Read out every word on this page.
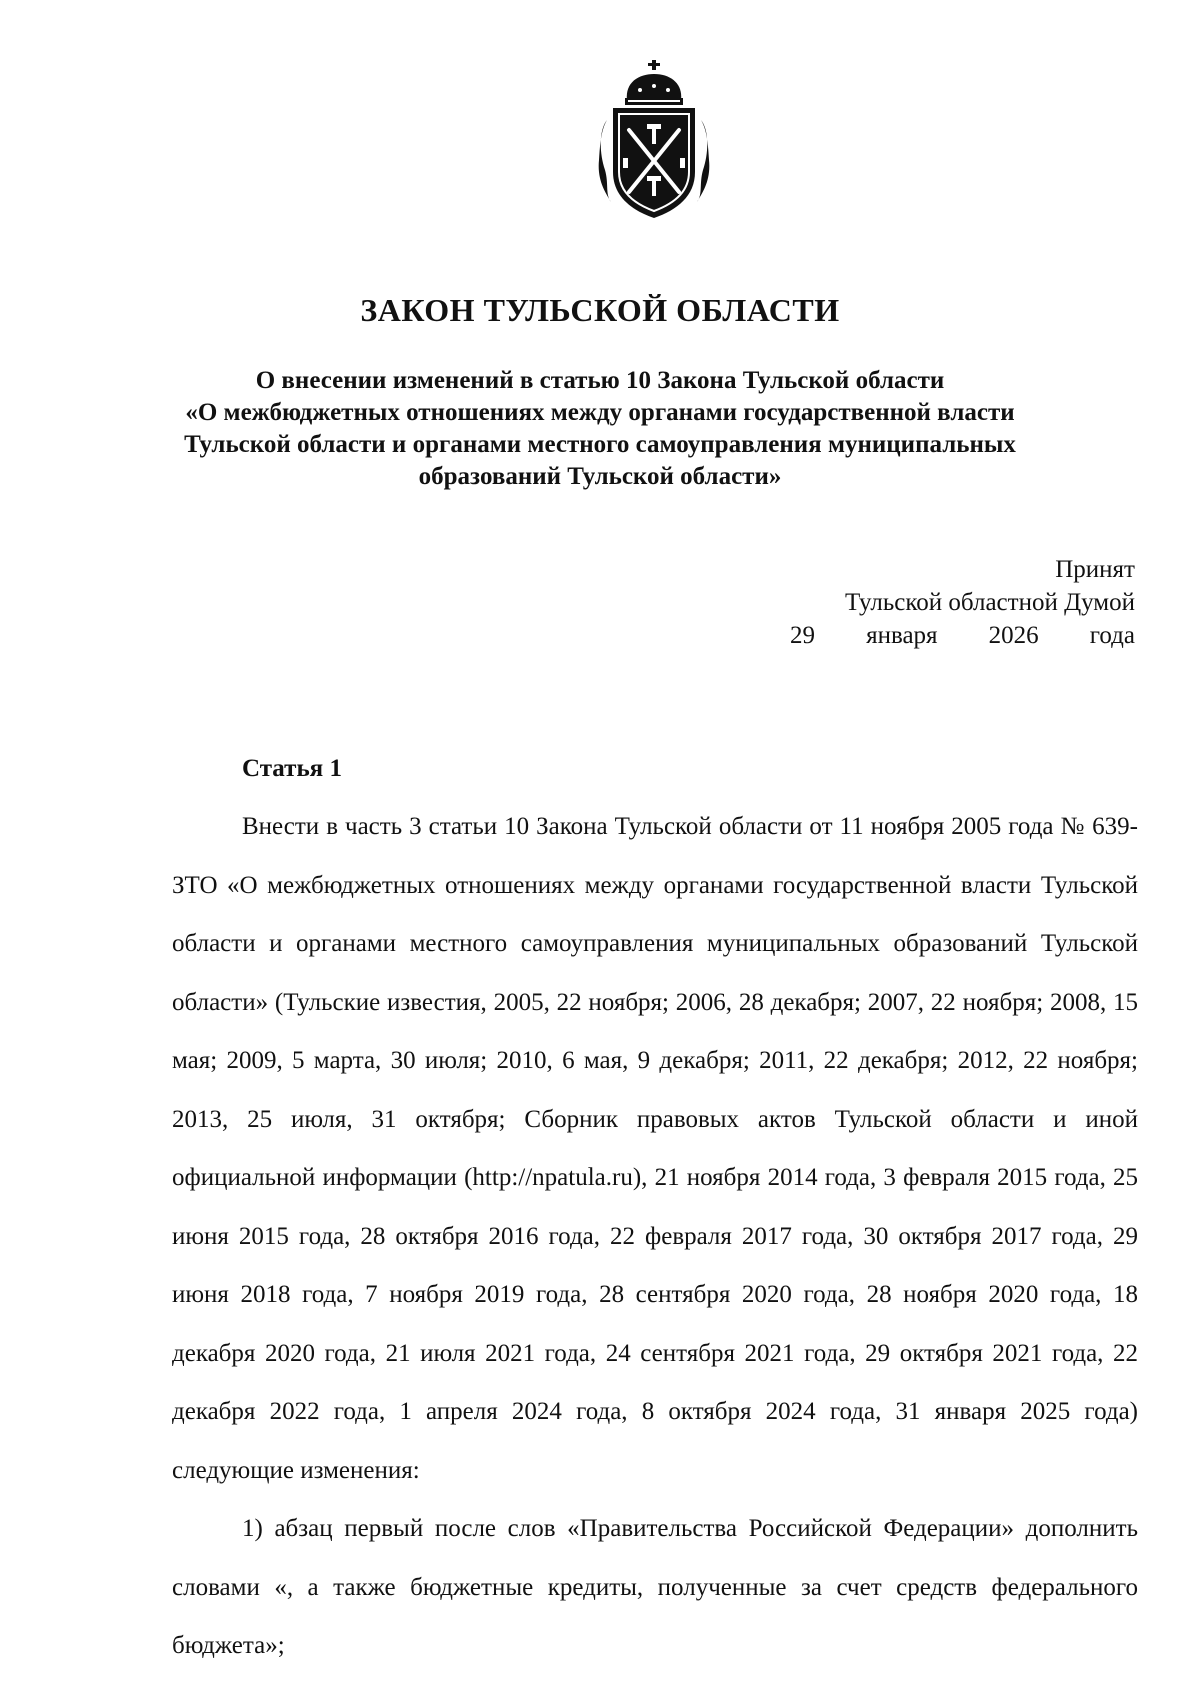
ЗАКОН ТУЛЬСКОЙ ОБЛАСТИ
О внесении изменений в статью 10 Закона Тульской области
«О межбюджетных отношениях между органами государственной власти
Тульской области и органами местного самоуправления муниципальных
образований Тульской области»
Принят
Тульской областной Думой
29 января 2026 года
Статья 1

Внести в часть 3 статьи 10 Закона Тульской области от 11 ноября 2005 года № 639-ЗТО «О межбюджетных отношениях между органами государственной власти Тульской области и органами местного самоуправления муниципальных образований Тульской области» (Тульские известия, 2005, 22 ноября; 2006, 28 декабря; 2007, 22 ноября; 2008, 15 мая; 2009, 5 марта, 30 июля; 2010, 6 мая, 9 декабря; 2011, 22 декабря; 2012, 22 ноября; 2013, 25 июля, 31 октября; Сборник правовых актов Тульской области и иной официальной информации (http://npatula.ru), 21 ноября 2014 года, 3 февраля 2015 года, 25 июня 2015 года, 28 октября 2016 года, 22 февраля 2017 года, 30 октября 2017 года, 29 июня 2018 года, 7 ноября 2019 года, 28 сентября 2020 года, 28 ноября 2020 года, 18 декабря 2020 года, 21 июля 2021 года, 24 сентября 2021 года, 29 октября 2021 года, 22 декабря 2022 года, 1 апреля 2024 года, 8 октября 2024 года, 31 января 2025 года) следующие изменения:

1) абзац первый после слов «Правительства Российской Федерации» дополнить словами «, а также бюджетные кредиты, полученные за счет средств федерального бюджета»;
